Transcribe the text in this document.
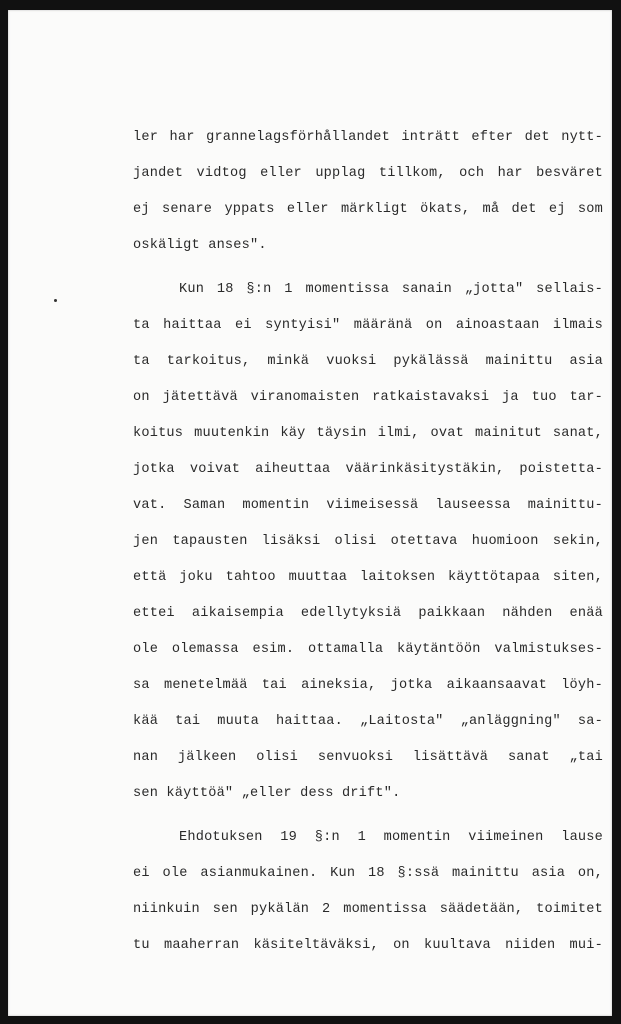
ler har grannelagsförhållandet inträtt efter det nytt-
jandet vidtog eller upplag tillkom, och har besväret
ej senare yppats eller märkligt ökats, må det ej som
oskäligt anses".
Kun 18 §:n 1 momentissa sanain „jotta" sellais-
ta haittaa ei syntyisi" määränä on ainoastaan ilmais
ta tarkoitus, minkä vuoksi pykälässä mainittu asia
on jätettävä viranomaisten ratkaistavaksi ja tuo tar-
koitus muutenkin käy täysin ilmi, ovat mainitut sanat,
jotka voivat aiheuttaa väärinkäsitystäkin, poistetta-
vat. Saman momentin viimeisessä lauseessa mainittu-
jen tapausten lisäksi olisi otettava huomioon sekin,
että joku tahtoo muuttaa laitoksen käyttötapaa siten,
ettei aikaisempia edellytyksiä paikkaan nähden enää
ole olemassa esim. ottamalla käytäntöön valmistukses-
sa menetelmää tai aineksia, jotka aikaansaavat löyh-
kää tai muuta haittaa. „Laitosta" „anläggning" sa-
nan jälkeen olisi senvuoksi lisättävä sanat „tai
sen käyttöä" „eller dess drift".
Ehdotuksen 19 §:n 1 momentin viimeinen lause
ei ole asianmukainen. Kun 18 §:ssä mainittu asia on,
niinkuin sen pykälän 2 momentissa säädetään, toimitet
tu maaherran käsiteltäväksi, on kuultava niiden mui-
